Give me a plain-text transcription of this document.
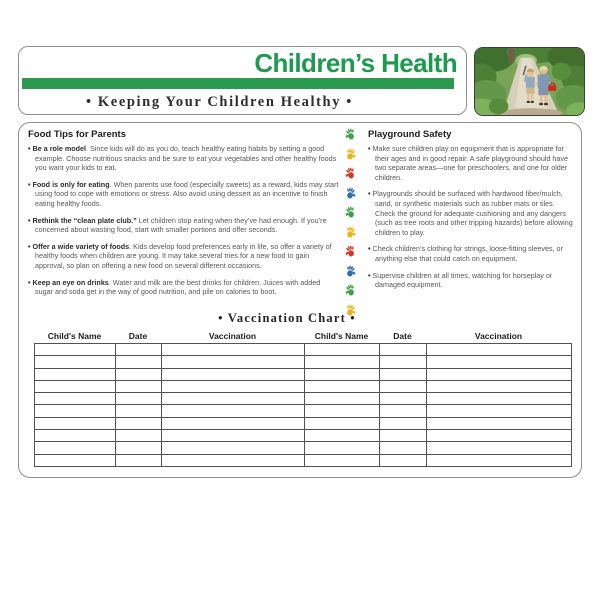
Children’s Health
• Keeping Your Children Healthy •
Food Tips for Parents
• Be a role model. Since kids will do as you do, teach healthy eating habits by setting a good example. Choose nutritious snacks and be sure to eat your vegetables and other healthy foods you want your kids to eat.
• Food is only for eating. When parents use food (especially sweets) as a reward, kids may start using food to cope with emotions or stress. Also avoid using dessert as an incentive to finish eating healthy foods.
• Rethink the “clean plate club.” Let children stop eating when they’ve had enough. If you’re concerned about wasting food, start with smaller portions and offer seconds.
• Offer a wide variety of foods. Kids develop food preferences early in life, so offer a variety of healthy foods when children are young. It may take several tries for a new food to gain approval, so plan on offering a new food on several different occasions.
• Keep an eye on drinks. Water and milk are the best drinks for children. Juices with added sugar and soda get in the way of good nutrition, and pile on calories to boot.
Playground Safety
• Make sure children play on equipment that is appropriate for their ages and in good repair. A safe playground should have two separate areas—one for preschoolers, and one for older children.
• Playgrounds should be surfaced with hardwood fiber/mulch, sand, or synthetic materials such as rubber mats or tiles. Check the ground for adequate cushioning and any dangers (such as tree roots and other tripping hazards) before allowing children to play.
• Check children’s clothing for strings, loose-fitting sleeves, or anything else that could catch on equipment.
• Supervise children at all times, watching for horseplay or damaged equipment.
• Vaccination Chart •
Child's Name	Date	Vaccination	Child's Name	Date	Vaccination
